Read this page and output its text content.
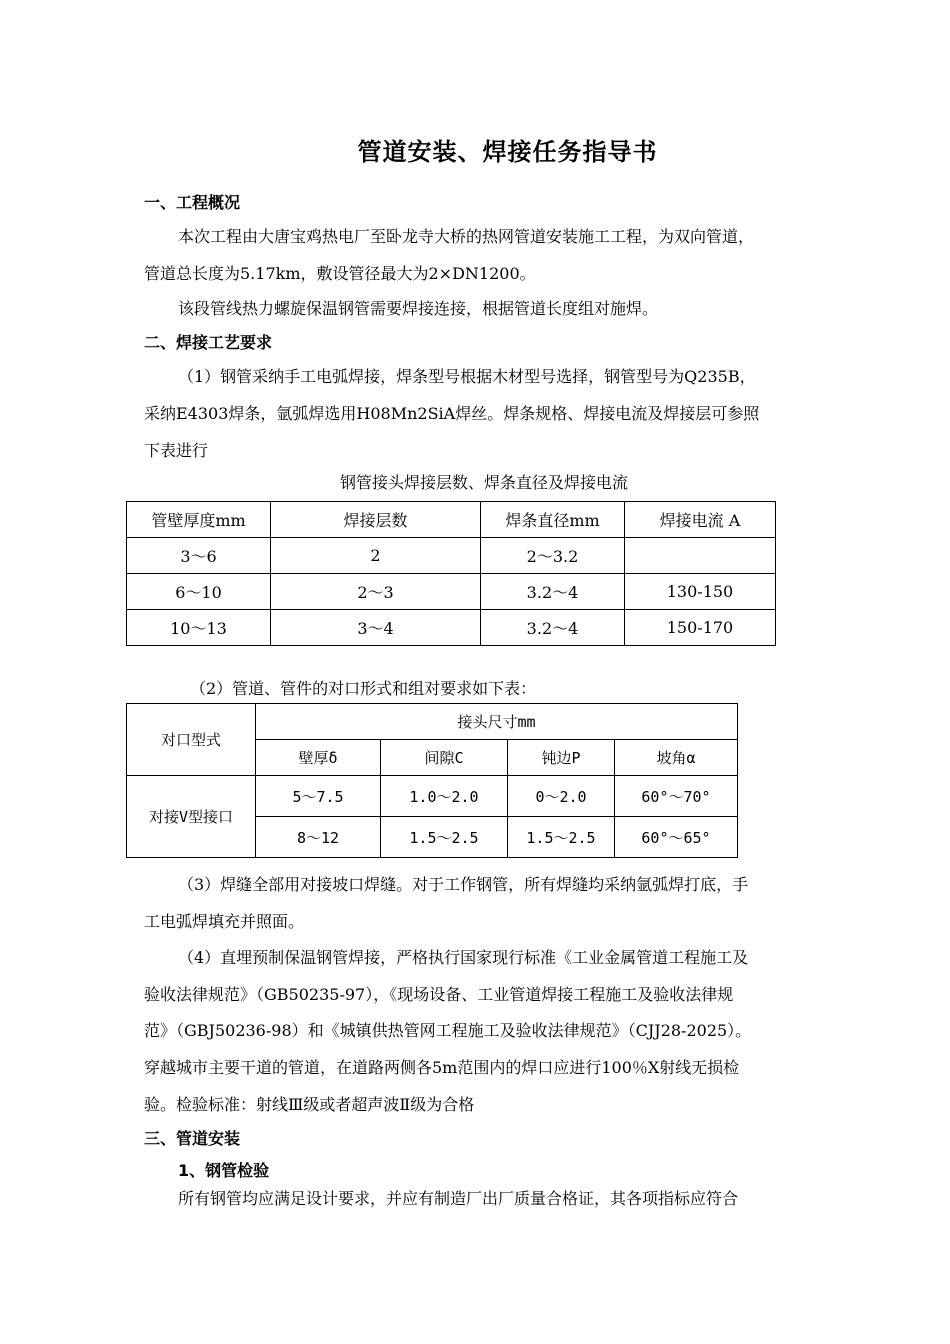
管道安装、焊接任务指导书
一、工程概况
本次工程由大唐宝鸡热电厂至卧龙寺大桥的热网管道安装施工工程，为双向管道，
管道总长度为5.17km，敷设管径最大为2×DN1200。
该段管线热力螺旋保温钢管需要焊接连接，根据管道长度组对施焊。
二、焊接工艺要求
（1）钢管采纳手工电弧焊接，焊条型号根据木材型号选择，钢管型号为Q235B，
采纳E4303焊条，氩弧焊选用H08Mn2SiA焊丝。焊条规格、焊接电流及焊接层可参照
下表进行
钢管接头焊接层数、焊条直径及焊接电流
管壁厚度mm	焊接层数	焊条直径mm	焊接电流 A
3～6	2	2～3.2	
6～10	2～3	3.2～4	130-150
10～13	3～4	3.2～4	150-170
（2）管道、管件的对口形式和组对要求如下表：
对口型式	接头尺寸mm			
	壁厚δ	间隙C	钝边P	坡角α
对接V型接口	5～7.5	1.0～2.0	0～2.0	60°～70°
	8～12	1.5～2.5	1.5～2.5	60°～65°
（3）焊缝全部用对接坡口焊缝。对于工作钢管，所有焊缝均采纳氩弧焊打底，手
工电弧焊填充并照面。
（4）直埋预制保温钢管焊接，严格执行国家现行标准《工业金属管道工程施工及
验收法律规范》（GB50235-97），《现场设备、工业管道焊接工程施工及验收法律规
范》（GBJ50236-98）和《城镇供热管网工程施工及验收法律规范》（CJJ28-2025）。
穿越城市主要干道的管道，在道路两侧各5m范围内的焊口应进行100％X射线无损检
验。检验标准：射线Ⅲ级或者超声波Ⅱ级为合格
三、管道安装
1、钢管检验
所有钢管均应满足设计要求，并应有制造厂出厂质量合格证，其各项指标应符合
